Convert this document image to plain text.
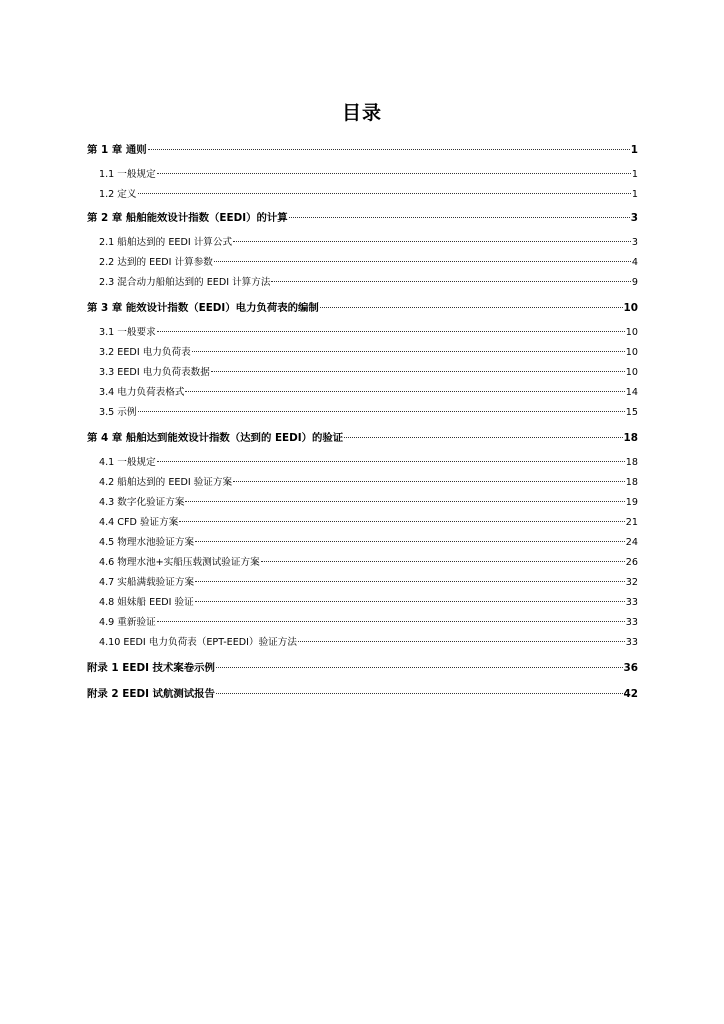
目录
第 1 章 通则	1
1.1 一般规定	1
1.2 定义	1
第 2 章 船舶能效设计指数（EEDI）的计算	3
2.1 船舶达到的 EEDI 计算公式	3
2.2 达到的 EEDI 计算参数	4
2.3 混合动力船舶达到的 EEDI 计算方法	9
第 3 章 能效设计指数（EEDI）电力负荷表的编制	10
3.1 一般要求	10
3.2 EEDI 电力负荷表	10
3.3 EEDI 电力负荷表数据	10
3.4 电力负荷表格式	14
3.5 示例	15
第 4 章 船舶达到能效设计指数（达到的 EEDI）的验证	18
4.1 一般规定	18
4.2 船舶达到的 EEDI 验证方案	18
4.3 数字化验证方案	19
4.4 CFD 验证方案	21
4.5 物理水池验证方案	24
4.6 物理水池+实船压载测试验证方案	26
4.7 实船满载验证方案	32
4.8 姐妹船 EEDI 验证	33
4.9 重新验证	33
4.10 EEDI 电力负荷表（EPT-EEDI）验证方法	33
附录 1 EEDI 技术案卷示例	36
附录 2 EEDI 试航测试报告	42
